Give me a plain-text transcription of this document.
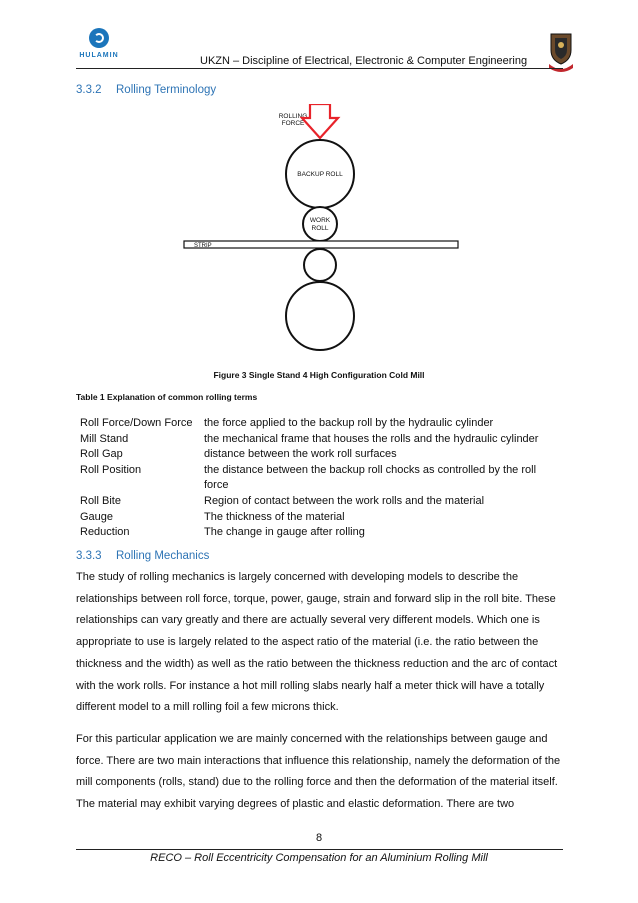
HULAMIN	UKZN – Discipline of Electrical, Electronic & Computer Engineering
3.3.2 Rolling Terminology
ROLLING
FORCE
BACKUP ROLL
WORK
ROLL
STRIP
Figure 3 Single Stand 4 High Configuration Cold Mill
Table 1 Explanation of common rolling terms
Roll Force/Down Force	the force applied to the backup roll by the hydraulic cylinder
Mill Stand	the mechanical frame that houses the rolls and the hydraulic cylinder
Roll Gap	distance between the work roll surfaces
Roll Position	the distance between the backup roll chocks as controlled by the roll force
Roll Bite	Region of contact between the work rolls and the material
Gauge	The thickness of the material
Reduction	The change in gauge after rolling
3.3.3 Rolling Mechanics

The study of rolling mechanics is largely concerned with developing models to describe the relationships between roll force, torque, power, gauge, strain and forward slip in the roll bite. These relationships can vary greatly and there are actually several very different models. Which one is appropriate to use is largely related to the aspect ratio of the material (i.e. the ratio between the thickness and the width) as well as the ratio between the thickness reduction and the arc of contact with the work rolls. For instance a hot mill rolling slabs nearly half a meter thick will have a totally different model to a mill rolling foil a few microns thick.

For this particular application we are mainly concerned with the relationships between gauge and force. There are two main interactions that influence this relationship, namely the deformation of the mill components (rolls, stand) due to the rolling force and then the deformation of the material itself. The material may exhibit varying degrees of plastic and elastic deformation. There are two

8
RECO – Roll Eccentricity Compensation for an Aluminium Rolling Mill
